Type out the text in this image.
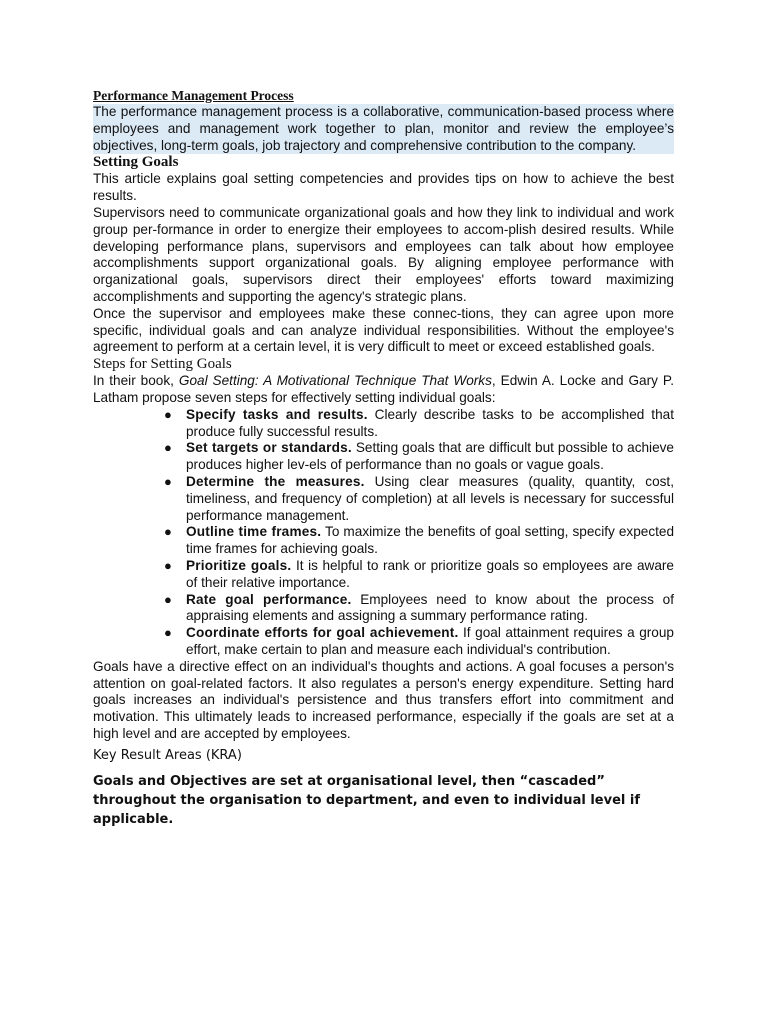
Performance Management Process
The performance management process is a collaborative, communication-based process where employees and management work together to plan, monitor and review the employee’s objectives, long-term goals, job trajectory and comprehensive contribution to the company.
Setting Goals

This article explains goal setting competencies and provides tips on how to achieve the best results.

Supervisors need to communicate organizational goals and how they link to individual and work group per-formance in order to energize their employees to accom-plish desired results. While developing performance plans, supervisors and employees can talk about how employee accomplishments support organizational goals. By aligning employee performance with organizational goals, supervisors direct their employees' efforts toward maximizing accomplishments and supporting the agency's strategic plans.

Once the supervisor and employees make these connec-tions, they can agree upon more specific, individual goals and can analyze individual responsibilities. Without the employee's agreement to perform at a certain level, it is very difficult to meet or exceed established goals.

Steps for Setting Goals

In their book, Goal Setting: A Motivational Technique That Works, Edwin A. Locke and Gary P. Latham propose seven steps for effectively setting individual goals:

● Specify tasks and results. Clearly describe tasks to be accomplished that produce fully successful results.
● Set targets or standards. Setting goals that are difficult but possible to achieve produces higher lev-els of performance than no goals or vague goals.
● Determine the measures. Using clear measures (quality, quantity, cost, timeliness, and frequency of completion) at all levels is necessary for successful performance management.
● Outline time frames. To maximize the benefits of goal setting, specify expected time frames for achieving goals.
● Prioritize goals. It is helpful to rank or prioritize goals so employees are aware of their relative importance.
● Rate goal performance. Employees need to know about the process of appraising elements and assigning a summary performance rating.
● Coordinate efforts for goal achievement. If goal attainment requires a group effort, make certain to plan and measure each individual's contribution.

Goals have a directive effect on an individual's thoughts and actions. A goal focuses a person's attention on goal-related factors. It also regulates a person's energy expenditure. Setting hard goals increases an individual's persistence and thus transfers effort into commitment and motivation. This ultimately leads to increased performance, especially if the goals are set at a high level and are accepted by employees.

Key Result Areas (KRA)

Goals and Objectives are set at organisational level, then “cascaded” throughout the organisation to department, and even to individual level if applicable.
